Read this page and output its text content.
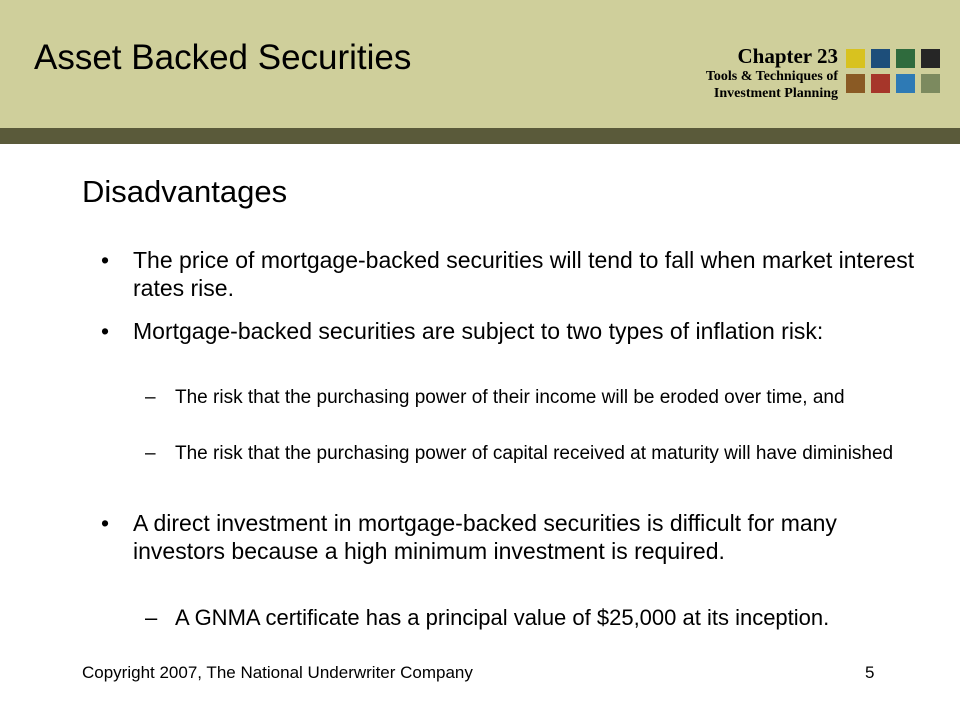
Asset Backed Securities	Chapter 23
Tools & Techniques of
Investment Planning
Disadvantages
• The price of mortgage-backed securities will tend to fall when market interest rates rise.
• Mortgage-backed securities are subject to two types of inflation risk:
– The risk that the purchasing power of their income will be eroded over time, and
– The risk that the purchasing power of capital received at maturity will have diminished
• A direct investment in mortgage-backed securities is difficult for many investors because a high minimum investment is required.
– A GNMA certificate has a principal value of $25,000 at its inception.
Copyright 2007, The National Underwriter Company	5
